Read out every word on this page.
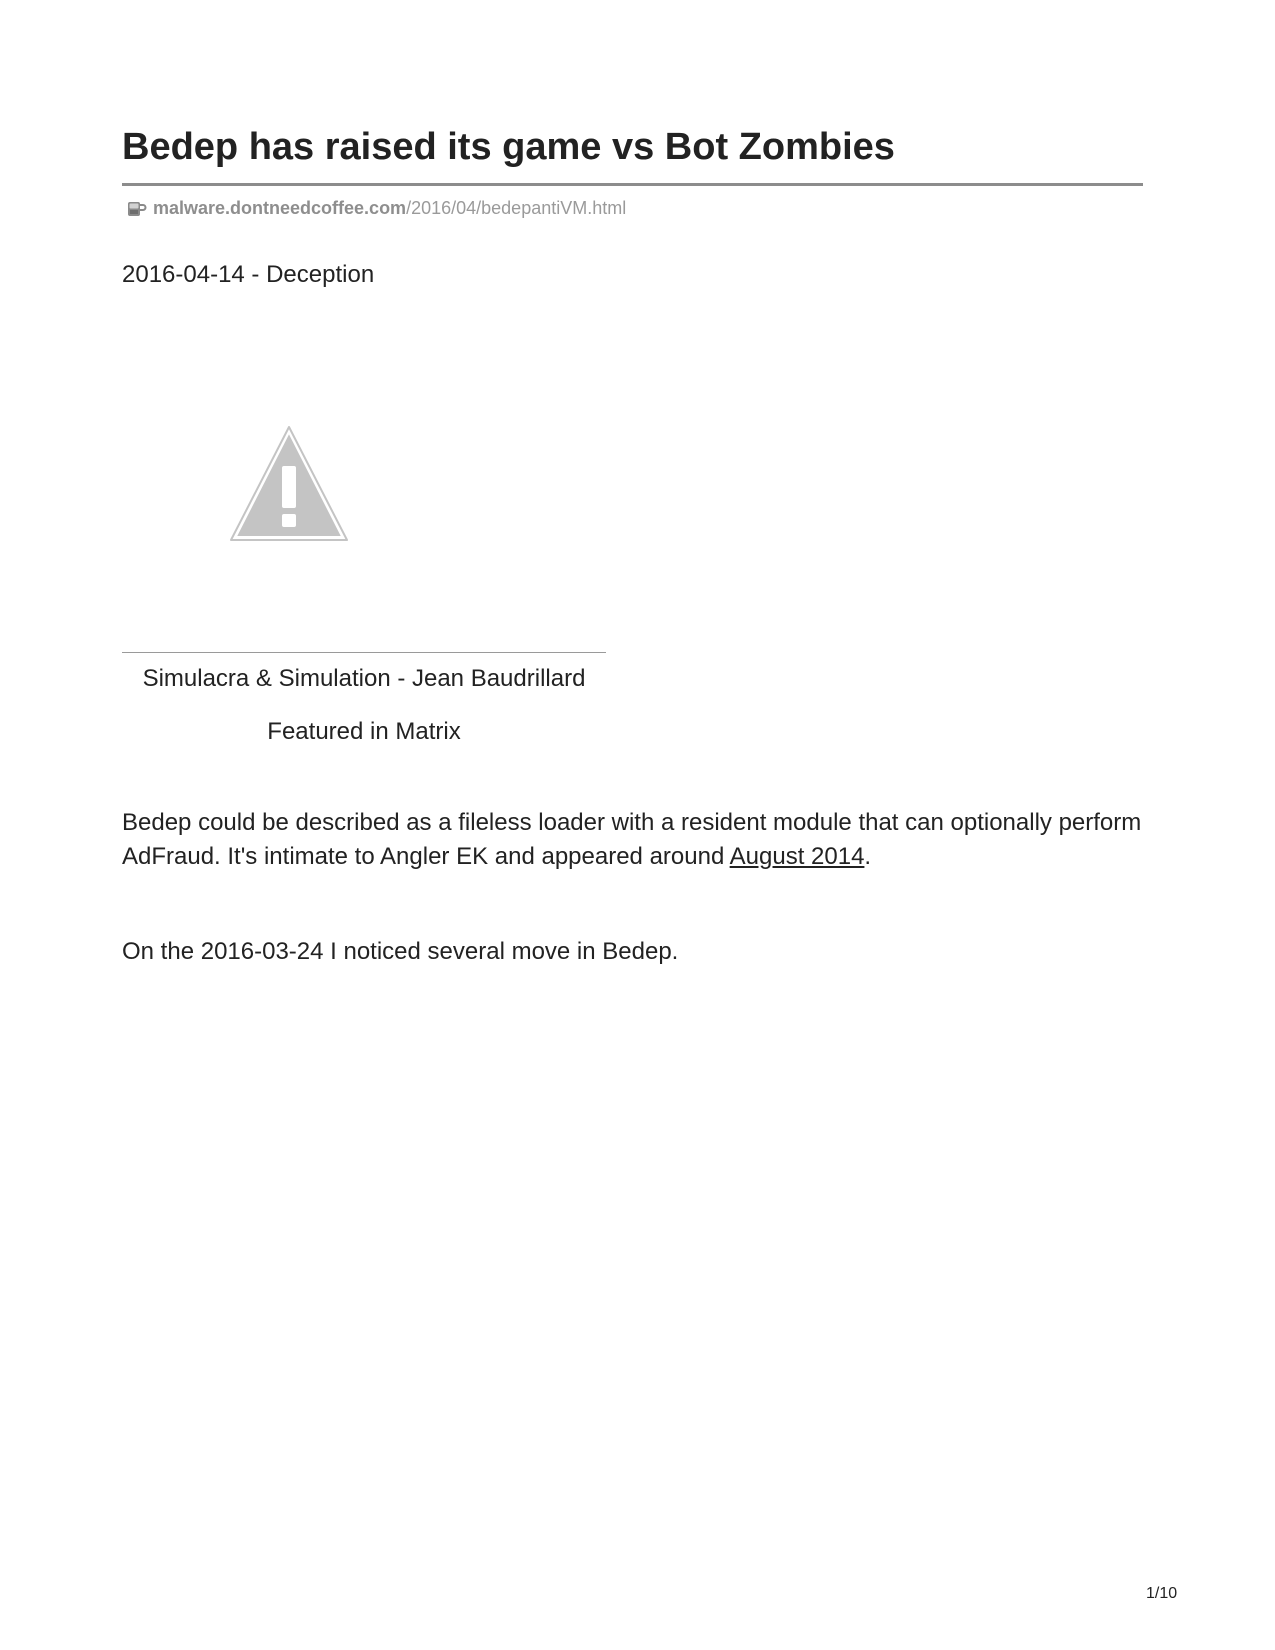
Bedep has raised its game vs Bot Zombies
malware.dontneedcoffee.com /2016/04/bedepantiVM.html
2016-04-14 - Deception
Simulacra & Simulation - Jean Baudrillard
Featured in Matrix

Bedep could be described as a fileless loader with a resident module that can optionally perform AdFraud. It's intimate to Angler EK and appeared around August 2014.

On the 2016-03-24 I noticed several move in Bedep.

1/10
